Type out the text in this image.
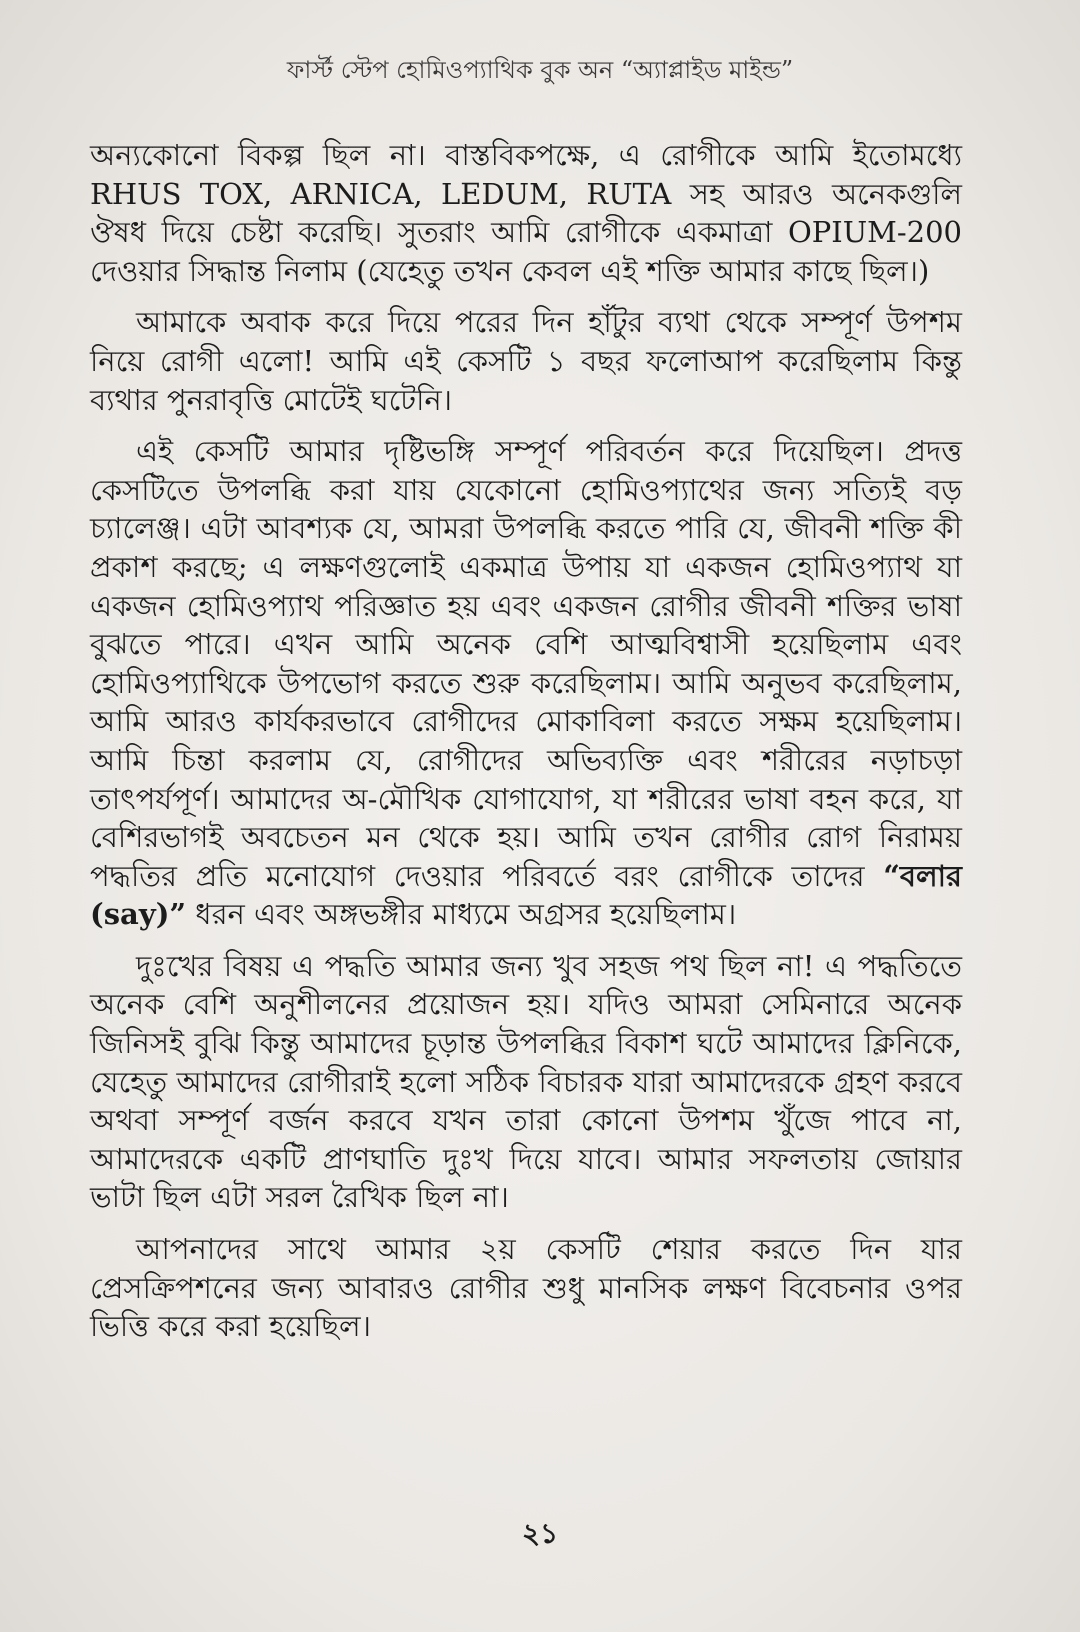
ফার্স্ট স্টেপ হোমিওপ্যাথিক বুক অন “অ্যাপ্লাইড মাইন্ড”

অন্যকোনো বিকল্প ছিল না। বাস্তবিকপক্ষে, এ রোগীকে আমি ইতোমধ্যে RHUS TOX, ARNICA, LEDUM, RUTA সহ আরও অনেকগুলি ঔষধ দিয়ে চেষ্টা করেছি। সুতরাং আমি রোগীকে একমাত্রা OPIUM-200 দেওয়ার সিদ্ধান্ত নিলাম (যেহেতু তখন কেবল এই শক্তি আমার কাছে ছিল।)

আমাকে অবাক করে দিয়ে পরের দিন হাঁটুর ব্যথা থেকে সম্পূর্ণ উপশম নিয়ে রোগী এলো! আমি এই কেসটি ১ বছর ফলোআপ করেছিলাম কিন্তু ব্যথার পুনরাবৃত্তি মোটেই ঘটেনি।

এই কেসটি আমার দৃষ্টিভঙ্গি সম্পূর্ণ পরিবর্তন করে দিয়েছিল। প্রদত্ত কেসটিতে উপলব্ধি করা যায় যেকোনো হোমিওপ্যাথের জন্য সত্যিই বড় চ্যালেঞ্জ। এটা আবশ্যক যে, আমরা উপলব্ধি করতে পারি যে, জীবনী শক্তি কী প্রকাশ করছে; এ লক্ষণগুলোই একমাত্র উপায় যা একজন হোমিওপ্যাথ যা একজন হোমিওপ্যাথ পরিজ্ঞাত হয় এবং একজন রোগীর জীবনী শক্তির ভাষা বুঝতে পারে। এখন আমি অনেক বেশি আত্মবিশ্বাসী হয়েছিলাম এবং হোমিওপ্যাথিকে উপভোগ করতে শুরু করেছিলাম। আমি অনুভব করেছিলাম, আমি আরও কার্যকরভাবে রোগীদের মোকাবিলা করতে সক্ষম হয়েছিলাম। আমি চিন্তা করলাম যে, রোগীদের অভিব্যক্তি এবং শরীরের নড়াচড়া তাৎপর্যপূর্ণ। আমাদের অ-মৌখিক যোগাযোগ, যা শরীরের ভাষা বহন করে, যা বেশিরভাগই অবচেতন মন থেকে হয়। আমি তখন রোগীর রোগ নিরাময় পদ্ধতির প্রতি মনোযোগ দেওয়ার পরিবর্তে বরং রোগীকে তাদের “বলার (say)” ধরন এবং অঙ্গভঙ্গীর মাধ্যমে অগ্রসর হয়েছিলাম।

দুঃখের বিষয় এ পদ্ধতি আমার জন্য খুব সহজ পথ ছিল না! এ পদ্ধতিতে অনেক বেশি অনুশীলনের প্রয়োজন হয়। যদিও আমরা সেমিনারে অনেক জিনিসই বুঝি কিন্তু আমাদের চূড়ান্ত উপলব্ধির বিকাশ ঘটে আমাদের ক্লিনিকে, যেহেতু আমাদের রোগীরাই হলো সঠিক বিচারক যারা আমাদেরকে গ্রহণ করবে অথবা সম্পূর্ণ বর্জন করবে যখন তারা কোনো উপশম খুঁজে পাবে না, আমাদেরকে একটি প্রাণঘাতি দুঃখ দিয়ে যাবে। আমার সফলতায় জোয়ার ভাটা ছিল এটা সরল রৈখিক ছিল না।

আপনাদের সাথে আমার ২য় কেসটি শেয়ার করতে দিন যার প্রেসক্রিপশনের জন্য আবারও রোগীর শুধু মানসিক লক্ষণ বিবেচনার ওপর ভিত্তি করে করা হয়েছিল।

২১
